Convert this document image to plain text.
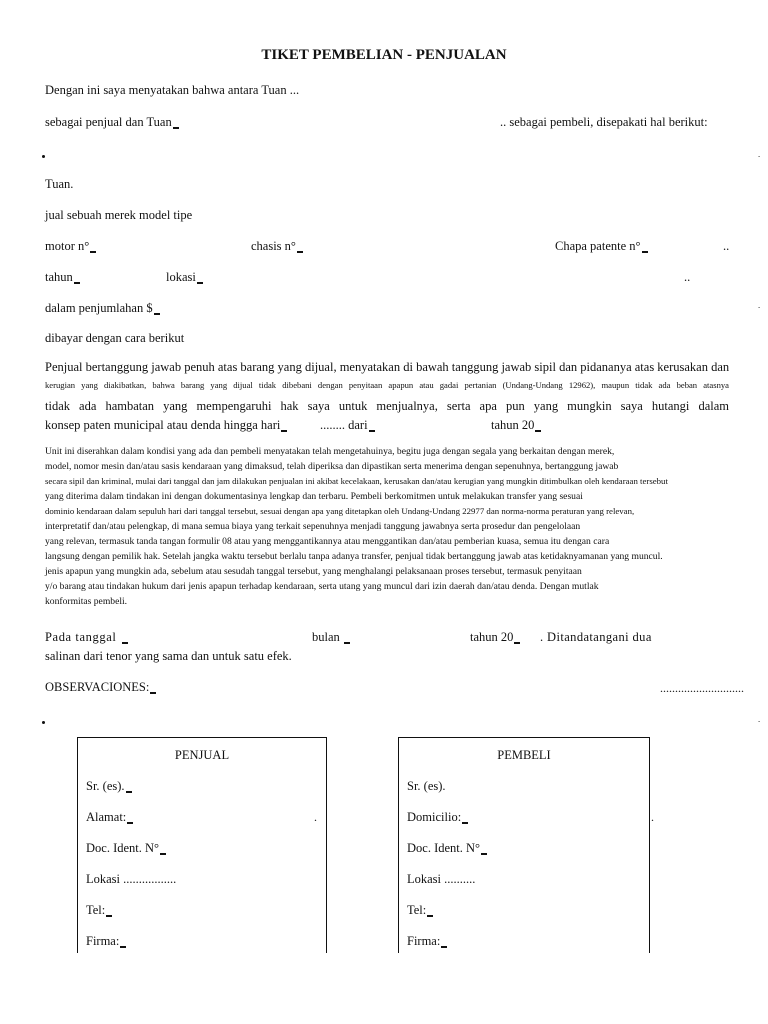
TIKET PEMBELIAN - PENJUALAN
Dengan ini saya menyatakan bahwa antara Tuan ...
sebagai penjual dan Tuan	.. sebagai pembeli, disepakati hal berikut:
.
Tuan.
jual sebuah merek model tipe
motor n°	chasis n°	Chapa patente n°	..
tahun	lokasi	..
dalam penjumlahan $	.
dibayar dengan cara berikut
Penjual bertanggung jawab penuh atas barang yang dijual, menyatakan di bawah tanggung jawab sipil dan pidananya atas kerusakan dan
kerugian yang diakibatkan, bahwa barang yang dijual tidak dibebani dengan penyitaan apapun atau gadai pertanian (Undang-Undang 12962), maupun tidak ada beban atasnya
tidak ada hambatan yang mempengaruhi hak saya untuk menjualnya, serta apa pun yang mungkin saya hutangi dalam
konsep paten municipal atau denda hingga hari	........ dari	tahun 20
Unit ini diserahkan dalam kondisi yang ada dan pembeli menyatakan telah mengetahuinya, begitu juga dengan segala yang berkaitan dengan merek,
model, nomor mesin dan/atau sasis kendaraan yang dimaksud, telah diperiksa dan dipastikan serta menerima dengan sepenuhnya, bertanggung jawab
secara sipil dan kriminal, mulai dari tanggal dan jam dilakukan penjualan ini akibat kecelakaan, kerusakan dan/atau kerugian yang mungkin ditimbulkan oleh kendaraan tersebut
yang diterima dalam tindakan ini dengan dokumentasinya lengkap dan terbaru. Pembeli berkomitmen untuk melakukan transfer yang sesuai
dominio kendaraan dalam sepuluh hari dari tanggal tersebut, sesuai dengan apa yang ditetapkan oleh Undang-Undang 22977 dan norma-norma peraturan yang relevan,
interpretatif dan/atau pelengkap, di mana semua biaya yang terkait sepenuhnya menjadi tanggung jawabnya serta prosedur dan pengelolaan
yang relevan, termasuk tanda tangan formulir 08 atau yang menggantikannya atau menggantikan dan/atau pemberian kuasa, semua itu dengan cara
langsung dengan pemilik hak. Setelah jangka waktu tersebut berlalu tanpa adanya transfer, penjual tidak bertanggung jawab atas ketidaknyamanan yang muncul.
jenis apapun yang mungkin ada, sebelum atau sesudah tanggal tersebut, yang menghalangi pelaksanaan proses tersebut, termasuk penyitaan
y/o barang atau tindakan hukum dari jenis apapun terhadap kendaraan, serta utang yang muncul dari izin daerah dan/atau denda. Dengan mutlak
konformitas pembeli.
Pada tanggal	bulan	tahun 20	. Ditandatangani dua
salinan dari tenor yang sama dan untuk satu efek.
OBSERVACIONES:	............................
.
PENJUAL
Sr. (es).
Alamat:	.
Doc. Ident. N°
Lokasi .................
Tel:
Firma:
PEMBELI
Sr. (es).
Domicilio:	.
Doc. Ident. N°
Lokasi ..........
Tel:
Firma:
